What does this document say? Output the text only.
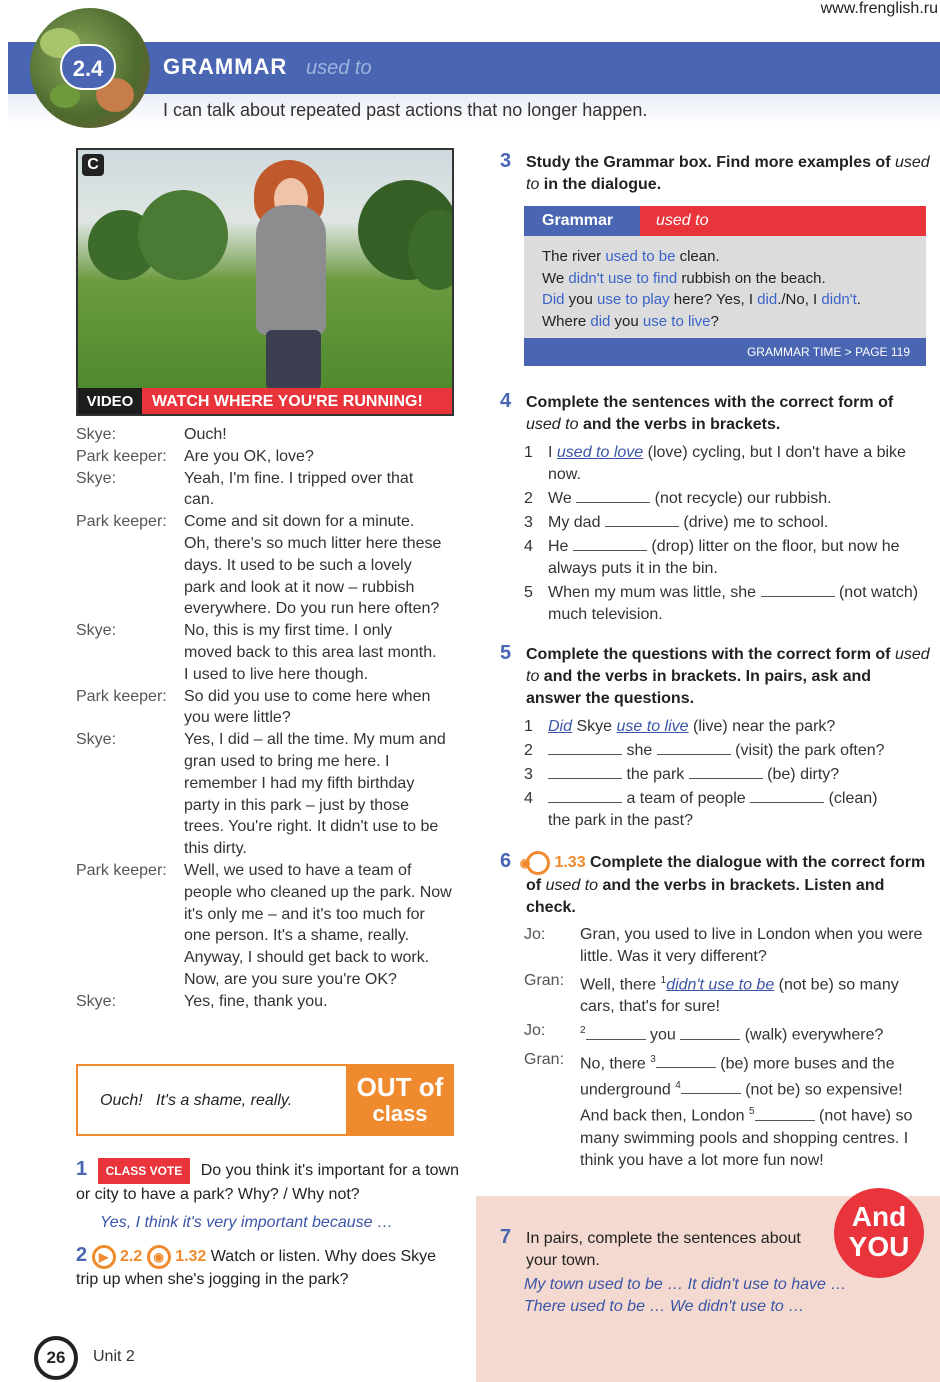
www.frenglish.ru
2.4	GRAMMAR used to
I can talk about repeated past actions that no longer happen.
C
VIDEO	WATCH WHERE YOU'RE RUNNING!
Skye:	Ouch!
Park keeper:	Are you OK, love?
Skye:	Yeah, I'm fine. I tripped over that can.
Park keeper:	Come and sit down for a minute. Oh, there's so much litter here these days. It used to be such a lovely park and look at it now – rubbish everywhere. Do you run here often?
Skye:	No, this is my first time. I only moved back to this area last month. I used to live here though.
Park keeper:	So did you use to come here when you were little?
Skye:	Yes, I did – all the time. My mum and gran used to bring me here. I remember I had my fifth birthday party in this park – just by those trees. You're right. It didn't use to be this dirty.
Park keeper:	Well, we used to have a team of people who cleaned up the park. Now it's only me – and it's too much for one person. It's a shame, really. Anyway, I should get back to work. Now, are you sure you're OK?
Skye:	Yes, fine, thank you.
Ouch! It's a shame, really.	OUT of
class
1 CLASS VOTE Do you think it's important for a town or city to have a park? Why? / Why not?
Yes, I think it's very important because …
2 ▶ 2.2 ◉ 1.32 Watch or listen. Why does Skye trip up when she's jogging in the park?
26	Unit 2
3 Study the Grammar box. Find more examples of used to in the dialogue.
Grammar	used to
The river used to be clean.
We didn't use to find rubbish on the beach.
Did you use to play here? Yes, I did./No, I didn't.
Where did you use to live?
GRAMMAR TIME > PAGE 119
4 Complete the sentences with the correct form of used to and the verbs in brackets.
1 I used to love (love) cycling, but I don't have a bike now.
2 We	(not recycle) our rubbish.
3 My dad	(drive) me to school.
4 He	(drop) litter on the floor, but now he always puts it in the bin.
5 When my mum was little, she	(not watch) much television.
5 Complete the questions with the correct form of used to and the verbs in brackets. In pairs, ask and answer the questions.
1 Did Skye use to live (live) near the park?
2	she	(visit) the park often?
3	the park	(be) dirty?
4	a team of people	(clean)
the park in the past?
6 ◉ 1.33 Complete the dialogue with the correct form of used to and the verbs in brackets. Listen and check.
Jo:	Gran, you used to live in London when you were little. Was it very different?
Gran: Well, there $^1$didn't use to be (not be) so many cars, that's for sure!
Jo:	$^2$	you	(walk) everywhere?
Gran: No, there $^3$	(be) more buses and the underground $^4$	(not be) so expensive! And back then, London $^5$	(not have) so many swimming pools and shopping centres. I think you have a lot more fun now!
And
YOU
7 In pairs, complete the sentences about your town.
My town used to be … It didn't use to have …
There used to be … We didn't use to …
